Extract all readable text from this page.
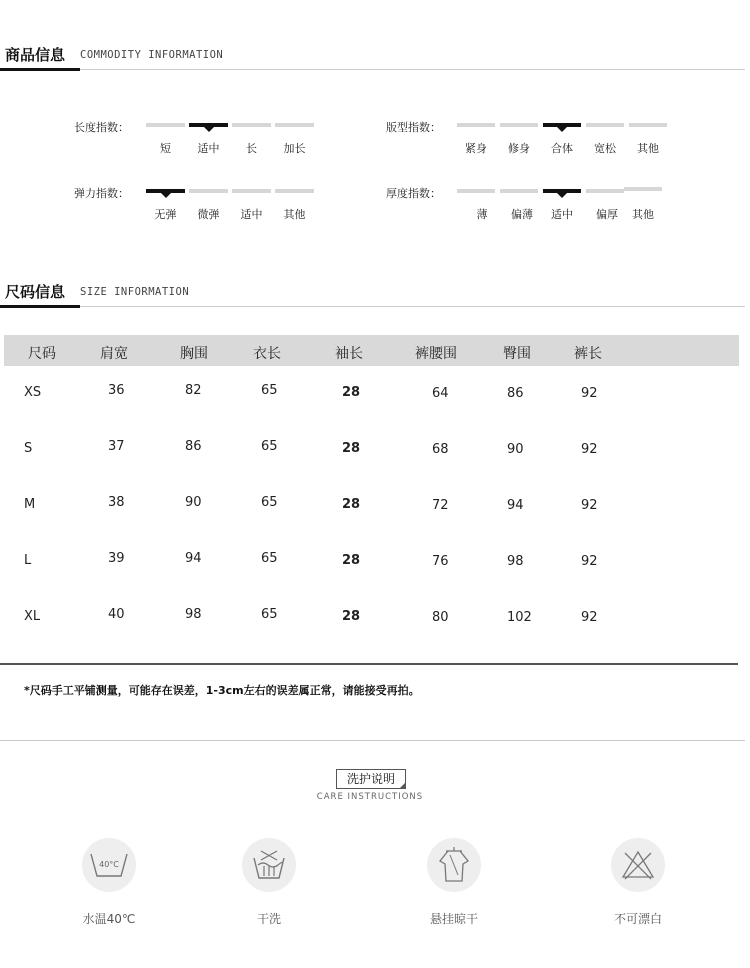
商品信息 COMMODITY INFORMATION
长度指数：
短	适中	长	加长
版型指数：
紧身	修身	合体	宽松	其他
弹力指数：
无弹	微弹	适中	其他
厚度指数：
薄	偏薄	适中	偏厚	其他
尺码信息 SIZE INFORMATION
尺码	肩宽	胸围	衣长	袖长	裤腰围	臀围	裤长
XS	36	82	65	28	64	86	92
S	37	86	65	28	68	90	92
M	38	90	65	28	72	94	92
L	39	94	65	28	76	98	92
XL	40	98	65	28	80	102	92

*尺码手工平铺测量，可能存在误差，1-3cm左右的误差属正常，请能接受再拍。

洗护说明
CARE INSTRUCTIONS
40°C
水温40℃	干洗	悬挂晾干	不可漂白
